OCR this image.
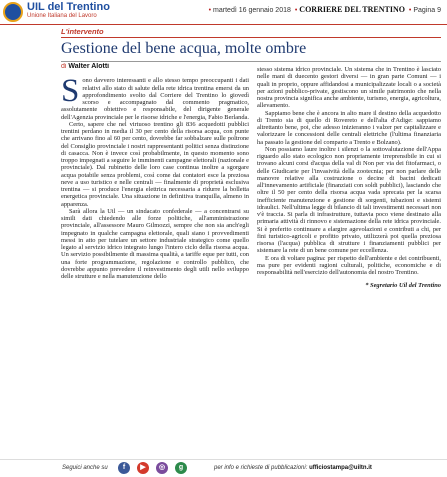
UIL del Trentino
Unione Italiana del Lavoro
• martedì 16 gennaio 2018 • CORRIERE DEL TRENTINO • Pagina 9
L'intervento
Gestione del bene acqua, molte ombre
di Walter Alotti
S ono davvero interessanti e allo stesso tempo preoccupanti i dati relativi allo stato di salute della rete idrica trentina emersi da un approfondimento svolto dal Corriere del Trentino lo giovedì scorso e accompagnato dal commento pragmatico, assolutamente obiettivo e responsabile, del dirigente generale dell'Agenzia provinciale per le risorse idriche e l'energia, Fabio Berlanda.

Certo, sapere che nel virtuoso trentino gli 836 acquedotti pubblici trentini perdano in media il 30 per cento della risorsa acqua, con punte che arrivano fino al 60 per cento, dovrebbe far sobbalzare sulle poltrone del Consiglio provinciale i nostri rappresentanti politici senza distinzione di casacca. Non è invece così probabilmente, in questo momento sono troppo impegnati a seguire le imminenti campagne elettorali (nazionale e provinciale). Dal rubinetto delle loro case continua inoltre a sgorgare acqua potabile senza problemi, così come dai contatori esce la preziosa neve a uso turistico e nelle centrali — finalmente di proprietà esclusiva trentina — si produce l'energia elettrica necessaria a ridurre la bolletta energetica provinciale. Una situazione in definitiva tranquilla, almeno in apparenza.

Sarà allora la Uil — un sindacato confederale — a concentrarsi su simili dati chiedendo alle forze politiche, all'amministrazione provinciale, all'assessore Mauro Gilmozzi, sempre che non sia anch'egli impegnato in qualche campagna elettorale, quali siano i provvedimenti messi in atto per tutelare un settore industriale strategico come quello legato al servizio idrico integrato lungo l'intero ciclo della risorsa acqua. Un servizio possibilmente di massima qualità, a tariffe eque per tutti, con una forte programmazione, regolazione e controllo pubblico, che dovrebbe appunto prevedere il reinvestimento degli utili nello sviluppo delle strutture e nella manutenzione dello

stesso sistema idrico provinciale. Un sistema che in Trentino è lasciato nelle mani di duecento gestori diversi — in gran parte Comuni — i quali in proprio, oppure affidandosi a municipalizzate locali o a società per azioni pubblico-private, gestiscono un simile patrimonio che nella nostra provincia significa anche ambiente, turismo, energia, agricoltura, allevamento.

Sappiamo bene che è ancora in alto mare il destino della acquedotto di Trento sia di quello di Rovereto e dell'alta d'Adige: sappiamo altrettanto bene, poi, che adesso inizieranno i valzer per capitalizzare e valorizzare le concessioni delle centrali elettriche (l'ultima finanziaria ha passato la gestione del comparto a Trento e Bolzano).

Non possiamo laure inoltre i silenzi o la sottovalutazione dell'Appa riguardo allo stato ecologico non propriamente irreprensibile in cui si trovano alcuni corsi d'acqua della val di Non per via dei fitofarmaci, o delle Giudicarie per l'invasività della zootecnia; per non parlare delle manovre relative alla costruzione o decine di bacini dedicati all'innevamento artificiale (finanziati con soldi pubblici), lasciando che oltre il 50 per cento della risorsa acqua vada sprecata per la scarsa inefficiente manutenzione e gestione di sorgenti, tubazioni e sistemi idraulici. Nell'ultima legge di bilancio di tali investimenti necessari non v'è traccia. Si parla di infrastrutture, tuttavia poco viene destinato alla primaria attività di rinnovo e sistemazione della rete idrica provinciale. Si è preferito continuare a elargire agevolazioni e contributi a chi, per fini turistico-agricoli e profitto privato, utilizzerà poi quella preziosa risorsa (l'acqua) pubblica di strutture i finanziamenti pubblici per sistemare la rete di un bene comune per eccellenza.

E ora di voltare pagina: per rispetto dell'ambiente e dei contribuenti, ma pure per evidenti ragioni culturali, politiche, economiche e di responsabilità nell'esercizio dell'autonomia del nostro Trentino.

* Segretario Uil del Trentino
Seguici anche su	f	▶	◎	g	per info e richieste di pubblicazioni: ufficiostampa@uiltn.it
